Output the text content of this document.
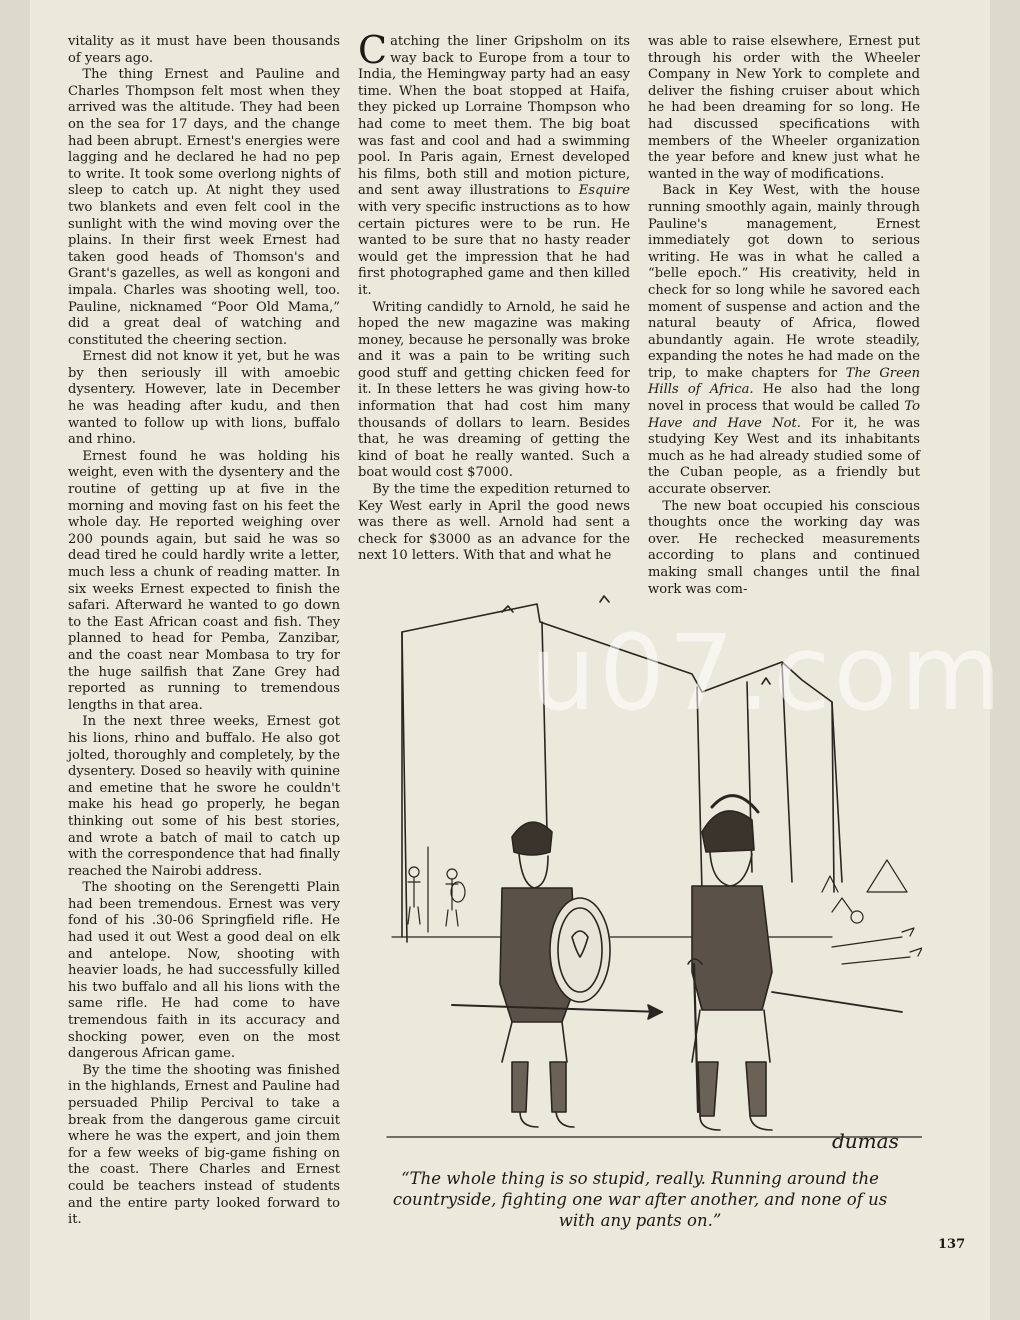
vitality as it must have been thousands of years ago.

The thing Ernest and Pauline and Charles Thompson felt most when they arrived was the altitude. They had been on the sea for 17 days, and the change had been abrupt. Ernest's energies were lagging and he declared he had no pep to write. It took some overlong nights of sleep to catch up. At night they used two blankets and even felt cool in the sunlight with the wind moving over the plains. In their first week Ernest had taken good heads of Thomson's and Grant's gazelles, as well as kongoni and impala. Charles was shooting well, too. Pauline, nicknamed “Poor Old Mama,” did a great deal of watching and constituted the cheering section.

Ernest did not know it yet, but he was by then seriously ill with amoebic dysentery. However, late in December he was heading after kudu, and then wanted to follow up with lions, buffalo and rhino.

Ernest found he was holding his weight, even with the dysentery and the routine of getting up at five in the morning and moving fast on his feet the whole day. He reported weighing over 200 pounds again, but said he was so dead tired he could hardly write a letter, much less a chunk of reading matter. In six weeks Ernest expected to finish the safari. Afterward he wanted to go down to the East African coast and fish. They planned to head for Pemba, Zanzibar, and the coast near Mombasa to try for the huge sailfish that Zane Grey had reported as running to tremendous lengths in that area.

In the next three weeks, Ernest got his lions, rhino and buffalo. He also got jolted, thoroughly and completely, by the dysentery. Dosed so heavily with quinine and emetine that he swore he couldn't make his head go properly, he began thinking out some of his best stories, and wrote a batch of mail to catch up with the correspondence that had finally reached the Nairobi address.

The shooting on the Serengetti Plain had been tremendous. Ernest was very fond of his .30-06 Springfield rifle. He had used it out West a good deal on elk and antelope. Now, shooting with heavier loads, he had successfully killed his two buffalo and all his lions with the same rifle. He had come to have tremendous faith in its accuracy and shocking power, even on the most dangerous African game.

By the time the shooting was finished in the highlands, Ernest and Pauline had persuaded Philip Percival to take a break from the dangerous game circuit where he was the expert, and join them for a few weeks of big-game fishing on the coast. There Charles and Ernest could be teachers instead of students and the entire party looked forward to it.

Catching the liner Gripsholm on its way back to Europe from a tour to India, the Hemingway party had an easy time. When the boat stopped at Haifa, they picked up Lorraine Thompson who had come to meet them. The big boat was fast and cool and had a swimming pool. In Paris again, Ernest developed his films, both still and motion picture, and sent away illustrations to Esquire with very specific instructions as to how certain pictures were to be run. He wanted to be sure that no hasty reader would get the impression that he had first photographed game and then killed it.

Writing candidly to Arnold, he said he hoped the new magazine was making money, because he personally was broke and it was a pain to be writing such good stuff and getting chicken feed for it. In these letters he was giving how-to information that had cost him many thousands of dollars to learn. Besides that, he was dreaming of getting the kind of boat he really wanted. Such a boat would cost $7000.

By the time the expedition returned to Key West early in April the good news was there as well. Arnold had sent a check for $3000 as an advance for the next 10 letters. With that and what he

was able to raise elsewhere, Ernest put through his order with the Wheeler Company in New York to complete and deliver the fishing cruiser about which he had been dreaming for so long. He had discussed specifications with members of the Wheeler organization the year before and knew just what he wanted in the way of modifications.

Back in Key West, with the house running smoothly again, mainly through Pauline's management, Ernest immediately got down to serious writing. He was in what he called a “belle epoch.” His creativity, held in check for so long while he savored each moment of suspense and action and the natural beauty of Africa, flowed abundantly again. He wrote steadily, expanding the notes he had made on the trip, to make chapters for The Green Hills of Africa. He also had the long novel in process that would be called To Have and Have Not. For it, he was studying Key West and its inhabitants much as he had already studied some of the Cuban people, as a friendly but accurate observer.

The new boat occupied his conscious thoughts once the working day was over. He rechecked measurements according to plans and continued making small changes until the final work was com-

dumas
u07.com
“The whole thing is so stupid, really. Running around the countryside, fighting one war after another, and none of us with any pants on.”
137
